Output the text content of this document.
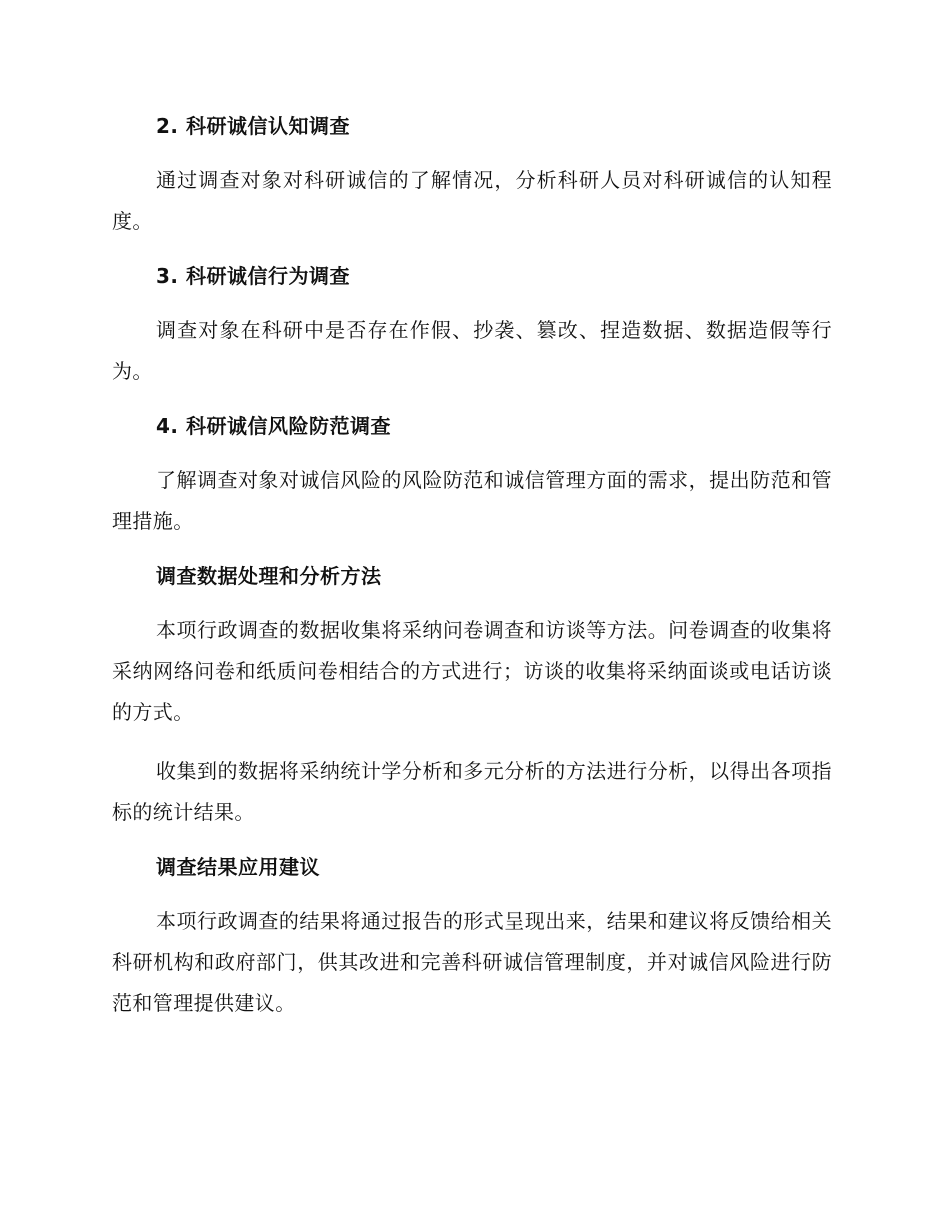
2. 科研诚信认知调查

通过调查对象对科研诚信的了解情况，分析科研人员对科研诚信的认知程度。

3. 科研诚信行为调查

调查对象在科研中是否存在作假、抄袭、篡改、捏造数据、数据造假等行为。

4. 科研诚信风险防范调查

了解调查对象对诚信风险的风险防范和诚信管理方面的需求，提出防范和管理措施。

调查数据处理和分析方法

本项行政调查的数据收集将采纳问卷调查和访谈等方法。问卷调查的收集将采纳网络问卷和纸质问卷相结合的方式进行；访谈的收集将采纳面谈或电话访谈的方式。

收集到的数据将采纳统计学分析和多元分析的方法进行分析，以得出各项指标的统计结果。

调查结果应用建议

本项行政调查的结果将通过报告的形式呈现出来，结果和建议将反馈给相关科研机构和政府部门，供其改进和完善科研诚信管理制度，并对诚信风险进行防范和管理提供建议。
